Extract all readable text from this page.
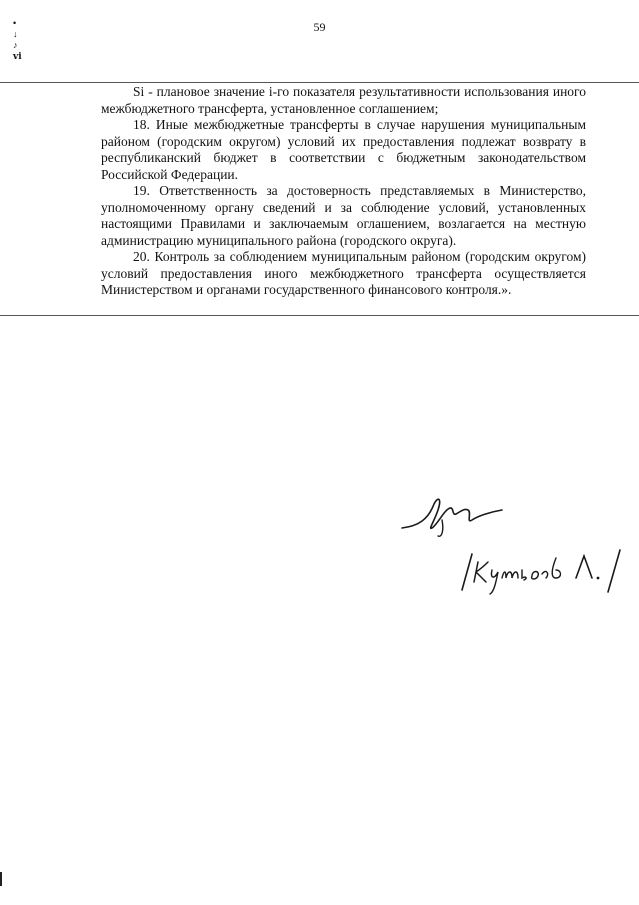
59
•
↓
♪
ⅵ

Si - плановое значение i-го показателя результативности использования иного межбюджетного трансферта, установленное соглашением;

18. Иные межбюджетные трансферты в случае нарушения муниципальным районом (городским округом) условий их предоставления подлежат возврату в республиканский бюджет в соответствии с бюджетным законодательством Российской Федерации.

19. Ответственность за достоверность представляемых в Министерство, уполномоченному органу сведений и за соблюдение условий, установленных настоящими Правилами и заключаемым оглашением, возлагается на местную администрацию муниципального района (городского округа).

20. Контроль за соблюдением муниципальным районом (городским округом) условий предоставления иного межбюджетного трансферта осуществляется Министерством и органами государственного финансового контроля.».
